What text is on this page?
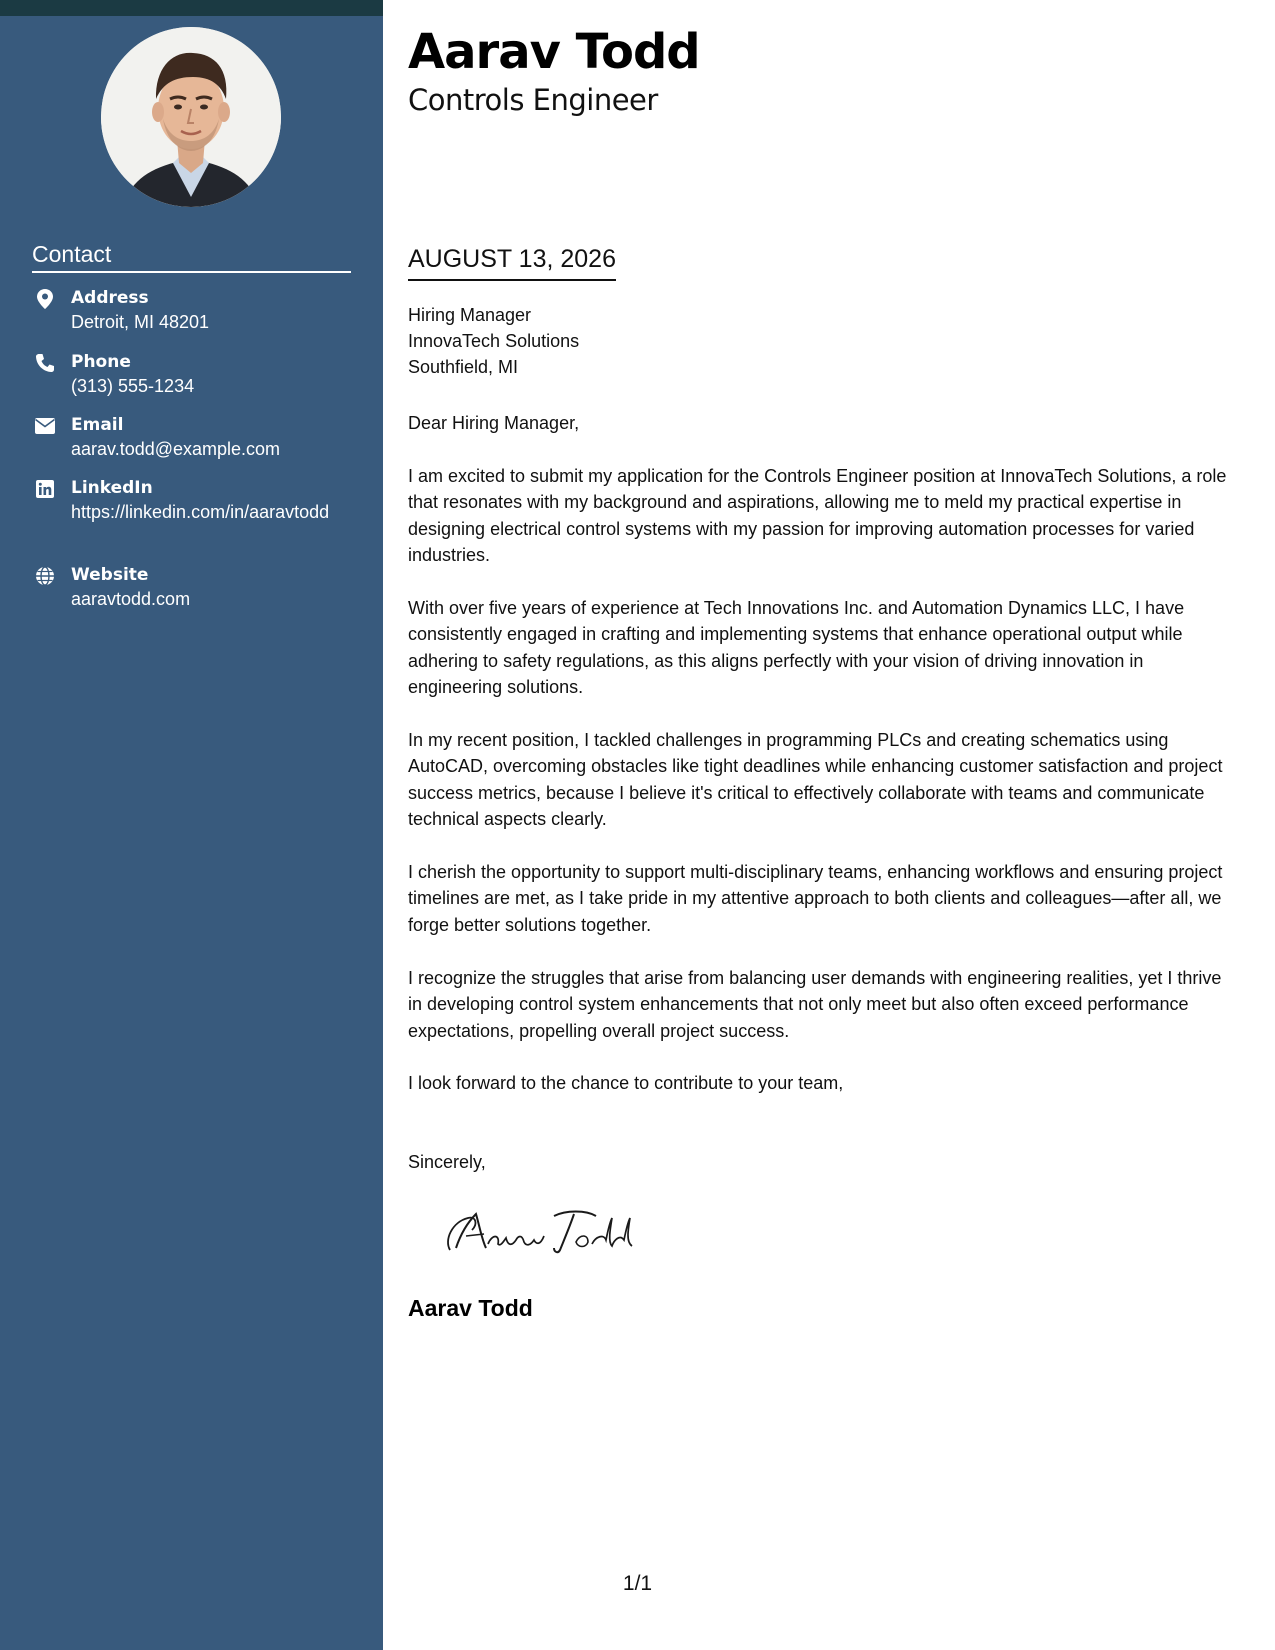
Contact
Address
Detroit, MI 48201
Phone
(313) 555-1234
Email
aarav.todd@example.com
LinkedIn
https://linkedin.com/in/aaravtodd
Website
aaravtodd.com
Aarav Todd
Controls Engineer
AUGUST 13, 2026
Hiring Manager
InnovaTech Solutions
Southfield, MI
Dear Hiring Manager,

I am excited to submit my application for the Controls Engineer position at InnovaTech Solutions, a role that resonates with my background and aspirations, allowing me to meld my practical expertise in designing electrical control systems with my passion for improving automation processes for varied industries.

With over five years of experience at Tech Innovations Inc. and Automation Dynamics LLC, I have consistently engaged in crafting and implementing systems that enhance operational output while adhering to safety regulations, as this aligns perfectly with your vision of driving innovation in engineering solutions.

In my recent position, I tackled challenges in programming PLCs and creating schematics using AutoCAD, overcoming obstacles like tight deadlines while enhancing customer satisfaction and project success metrics, because I believe it's critical to effectively collaborate with teams and communicate technical aspects clearly.

I cherish the opportunity to support multi-disciplinary teams, enhancing workflows and ensuring project timelines are met, as I take pride in my attentive approach to both clients and colleagues—after all, we forge better solutions together.

I recognize the struggles that arise from balancing user demands with engineering realities, yet I thrive in developing control system enhancements that not only meet but also often exceed performance expectations, propelling overall project success.

I look forward to the chance to contribute to your team,

Sincerely,
Aarav Todd
1/1
